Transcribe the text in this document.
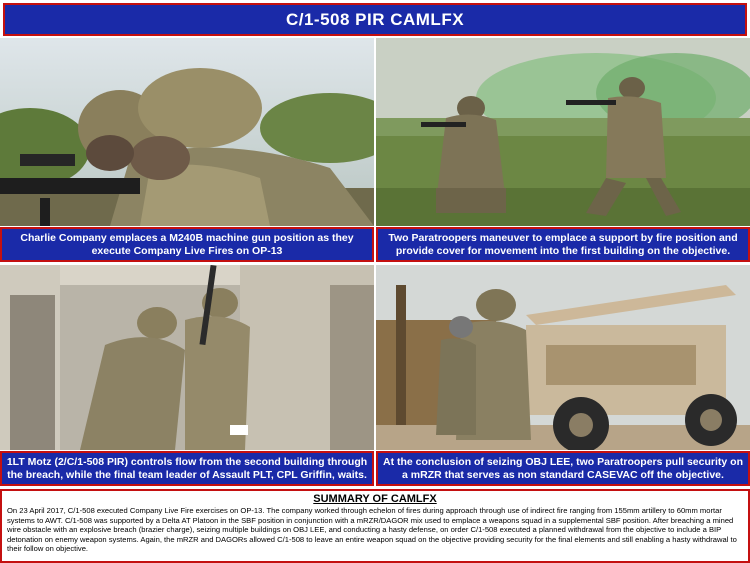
C/1-508 PIR CAMLFX
Charlie Company emplaces a M240B machine gun position as they execute Company Live Fires on OP-13
Two Paratroopers maneuver to emplace a support by fire position and provide cover for movement into the first building on the objective.
1LT Motz (2/C/1-508 PIR) controls flow from the second building through the breach, while the final team leader of Assault PLT, CPL Griffin, waits.
At the conclusion of seizing OBJ LEE, two Paratroopers pull security on a mRZR that serves as non standard CASEVAC off the objective.
SUMMARY OF CAMLFX

On 23 April 2017, C/1-508 executed Company Live Fire exercises on OP-13. The company worked through echelon of fires during approach through use of indirect fire ranging from 155mm artillery to 60mm mortar systems to AWT. C/1-508 was supported by a Delta AT Platoon in the SBF position in conjunction with a mRZR/DAGOR mix used to emplace a weapons squad in a supplemental SBF position. After breaching a mined wire obstacle with an explosive breach (brazier charge), seizing multiple buildings on OBJ LEE, and conducting a hasty defense, on order C/1-508 executed a planned withdrawal from the objective to include a BIP detonation on enemy weapon systems. Again, the mRZR and DAGORs allowed C/1-508 to leave an entire weapon squad on the objective providing security for the final elements and still enabling a hasty withdrawal to their follow on objective.
